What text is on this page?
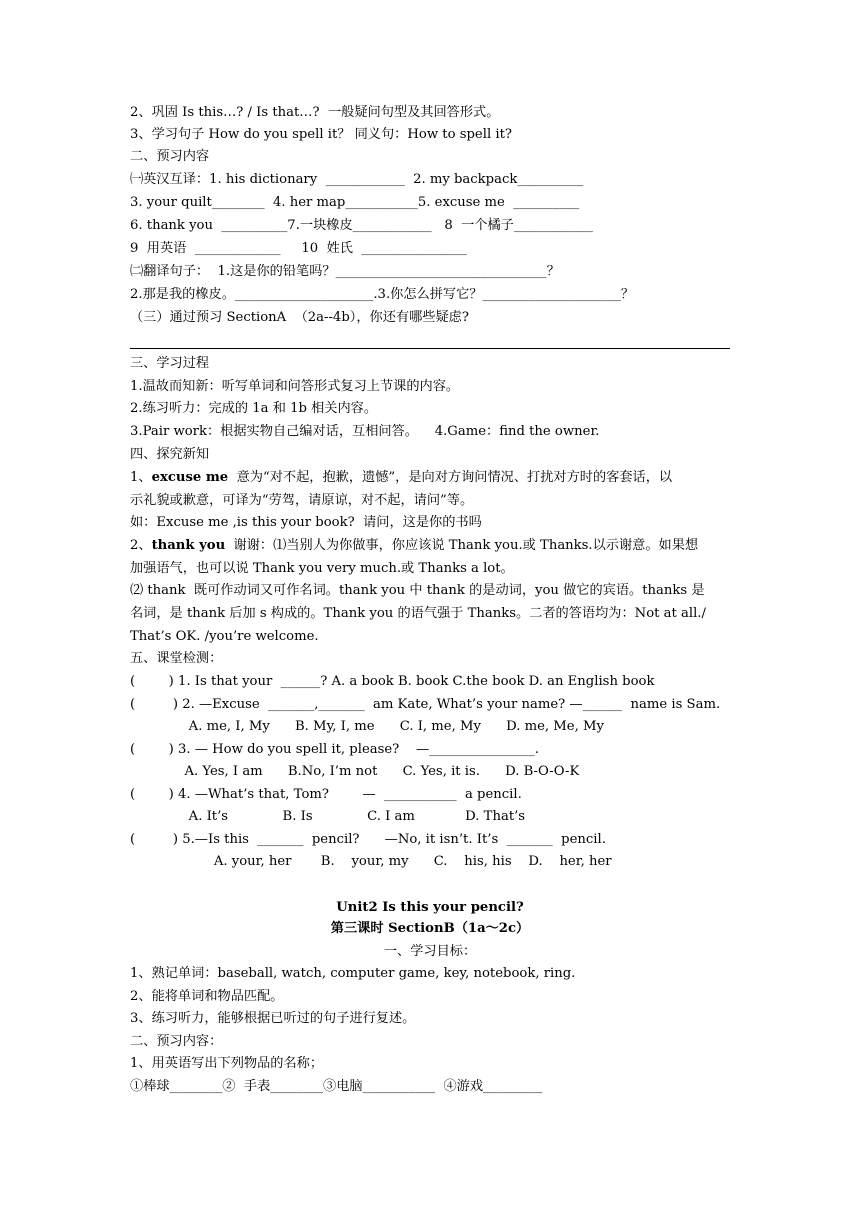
2、巩固 Is this…? / Is that…?  一般疑问句型及其回答形式。
3、学习句子 How do you spell it？ 同义句：How to spell it?
二、预习内容
㈠英汉互译：1. his dictionary  ____________  2. my backpack__________
3. your quilt________  4. her map___________5. excuse me  __________
6. thank you  __________7.一块橡皮____________   8  一个橘子____________
9  用英语  _____________     10  姓氏  ________________
㈡翻译句子：  1.这是你的铅笔吗？________________________________？
2.那是我的橡皮。_____________________.3.你怎么拼写它？_____________________？
（三）通过预习 SectionA  （2a--4b），你还有哪些疑虑?
三、学习过程
1.温故而知新：听写单词和问答形式复习上节课的内容。
2.练习听力：完成的 1a 和 1b 相关内容。
3.Pair work：根据实物自己编对话，互相问答。    4.Game：find the owner.
四、探究新知
1、excuse me  意为“对不起，抱歉，遗憾”，是向对方询问情况、打扰对方时的客套话，以
示礼貌或歉意，可译为“劳驾，请原谅，对不起，请问”等。
如：Excuse me ,is this your book?  请问，这是你的书吗
2、thank you  谢谢：⑴当别人为你做事，你应该说 Thank you.或 Thanks.以示谢意。如果想
加强语气，也可以说 Thank you very much.或 Thanks a lot。
⑵ thank  既可作动词又可作名词。thank you 中 thank 的是动词，you 做它的宾语。thanks 是
名词，是 thank 后加 s 构成的。Thank you 的语气强于 Thanks。二者的答语均为：Not at all./
That’s OK. /you’re welcome.
五、课堂检测：
(        ) 1. Is that your  ______? A. a book B. book C.the book D. an English book
(         ) 2. —Excuse  _______,_______  am Kate, What’s your name? —______  name is Sam.
A. me, I, My      B. My, I, me      C. I, me, My      D. me, Me, My
(        ) 3. — How do you spell it, please?    —________________.
A. Yes, I am      B.No, I’m not      C. Yes, it is.      D. B-O-O-K
(        ) 4. —What’s that, Tom?        —  ___________  a pencil.
A. It’s             B. Is             C. I am            D. That’s
(         ) 5.—Is this  _______  pencil?      —No, it isn’t. It’s  _______  pencil.
A. your, her       B.    your, my      C.    his, his    D.    her, her
Unit2 Is this your pencil?
第三课时 SectionB（1a～2c）
一、学习目标：
1、熟记单词：baseball, watch, computer game, key, notebook, ring.
2、能将单词和物品匹配。
3、练习听力，能够根据已听过的句子进行复述。
二、预习内容：
1、用英语写出下列物品的名称；
①棒球________②  手表________③电脑___________  ④游戏_________
